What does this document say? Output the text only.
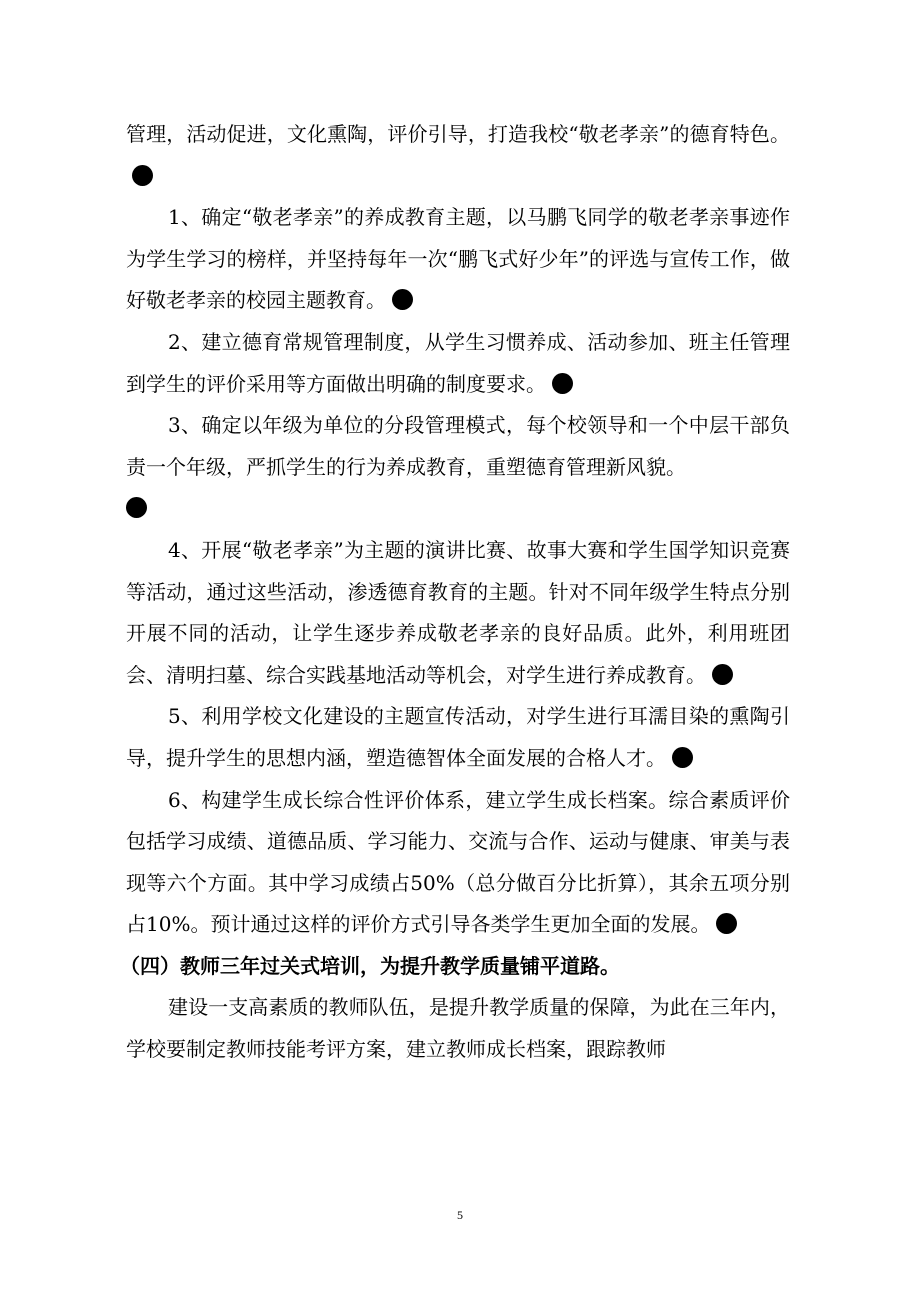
管理，活动促进，文化熏陶，评价引导，打造我校“敬老孝亲”的德育特色。

1、确定“敬老孝亲”的养成教育主题，以马鹏飞同学的敬老孝亲事迹作为学生学习的榜样，并坚持每年一次“鹏飞式好少年”的评选与宣传工作，做好敬老孝亲的校园主题教育。

2、建立德育常规管理制度，从学生习惯养成、活动参加、班主任管理到学生的评价采用等方面做出明确的制度要求。

3、确定以年级为单位的分段管理模式，每个校领导和一个中层干部负责一个年级，严抓学生的行为养成教育，重塑德育管理新风貌。

4、开展“敬老孝亲”为主题的演讲比赛、故事大赛和学生国学知识竞赛等活动，通过这些活动，渗透德育教育的主题。针对不同年级学生特点分别开展不同的活动，让学生逐步养成敬老孝亲的良好品质。此外，利用班团会、清明扫墓、综合实践基地活动等机会，对学生进行养成教育。

5、利用学校文化建设的主题宣传活动，对学生进行耳濡目染的熏陶引导，提升学生的思想内涵，塑造德智体全面发展的合格人才。

6、构建学生成长综合性评价体系，建立学生成长档案。综合素质评价包括学习成绩、道德品质、学习能力、交流与合作、运动与健康、审美与表现等六个方面。其中学习成绩占50%（总分做百分比折算），其余五项分别占10%。预计通过这样的评价方式引导各类学生更加全面的发展。

（四）教师三年过关式培训，为提升教学质量铺平道路。

建设一支高素质的教师队伍，是提升教学质量的保障，为此在三年内，学校要制定教师技能考评方案，建立教师成长档案，跟踪教师

5
